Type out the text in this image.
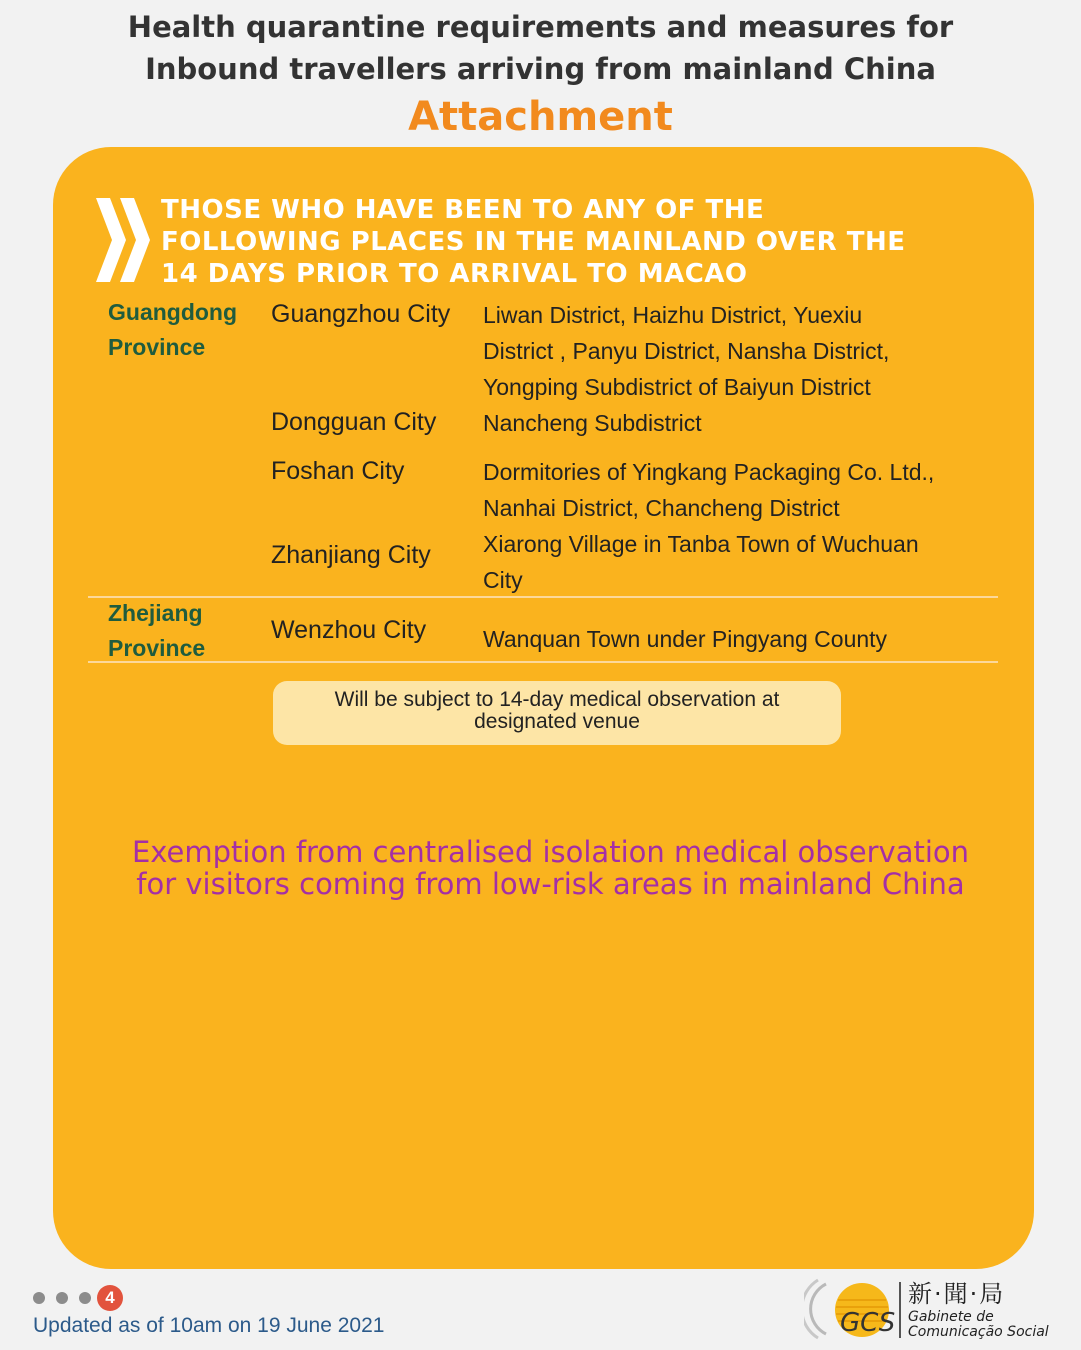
Health quarantine requirements and measures for
Inbound travellers arriving from mainland China
Attachment
THOSE WHO HAVE BEEN TO ANY OF THE
FOLLOWING PLACES IN THE MAINLAND OVER THE
14 DAYS PRIOR TO ARRIVAL TO MACAO
Guangdong
Province
Guangzhou City Liwan District, Haizhu District, Yuexiu
District , Panyu District, Nansha District,
Yongping Subdistrict of Baiyun District
Dongguan City Nancheng Subdistrict
Foshan City	Dormitories of Yingkang Packaging Co. Ltd.,
Nanhai District, Chancheng District
Zhanjiang City Xiarong Village in Tanba Town of Wuchuan
City
Zhejiang
Province
Wenzhou City Wanquan Town under Pingyang County
Will be subject to 14-day medical observation at
designated venue
Exemption from centralised isolation medical observation
for visitors coming from low-risk areas in mainland China
4
Updated as of 10am on 19 June 2021	GCS
新·聞·局
Gabinete de
Comunicação Social
